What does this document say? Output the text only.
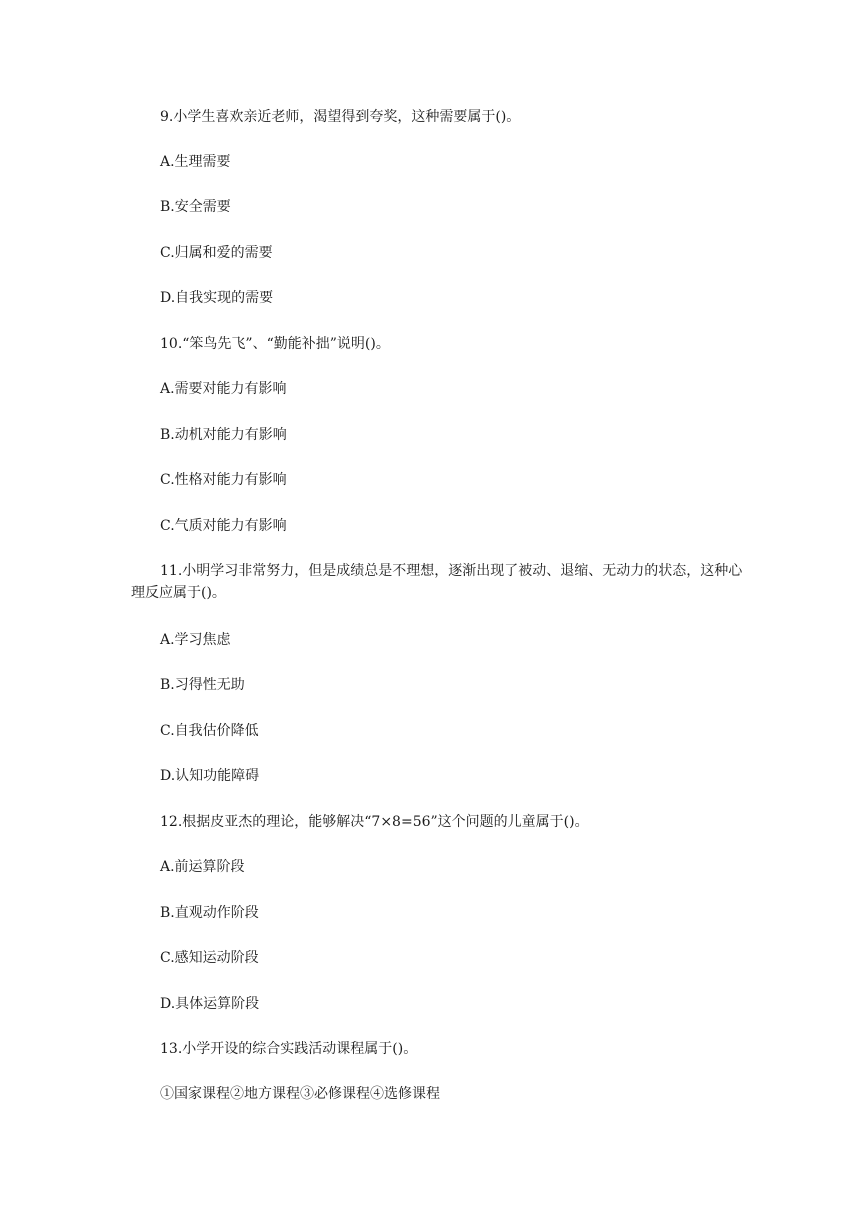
9.小学生喜欢亲近老师，渴望得到夸奖，这种需要属于()。
A.生理需要
B.安全需要
C.归属和爱的需要
D.自我实现的需要
10.“笨鸟先飞”、“勤能补拙”说明()。
A.需要对能力有影响
B.动机对能力有影响
C.性格对能力有影响
C.气质对能力有影响
11.小明学习非常努力，但是成绩总是不理想，逐渐出现了被动、退缩、无动力的状态，这种心理反应属于()。
A.学习焦虑
B.习得性无助
C.自我估价降低
D.认知功能障碍
12.根据皮亚杰的理论，能够解决“7×8=56”这个问题的儿童属于()。
A.前运算阶段
B.直观动作阶段
C.感知运动阶段
D.具体运算阶段
13.小学开设的综合实践活动课程属于()。
①国家课程②地方课程③必修课程④选修课程
